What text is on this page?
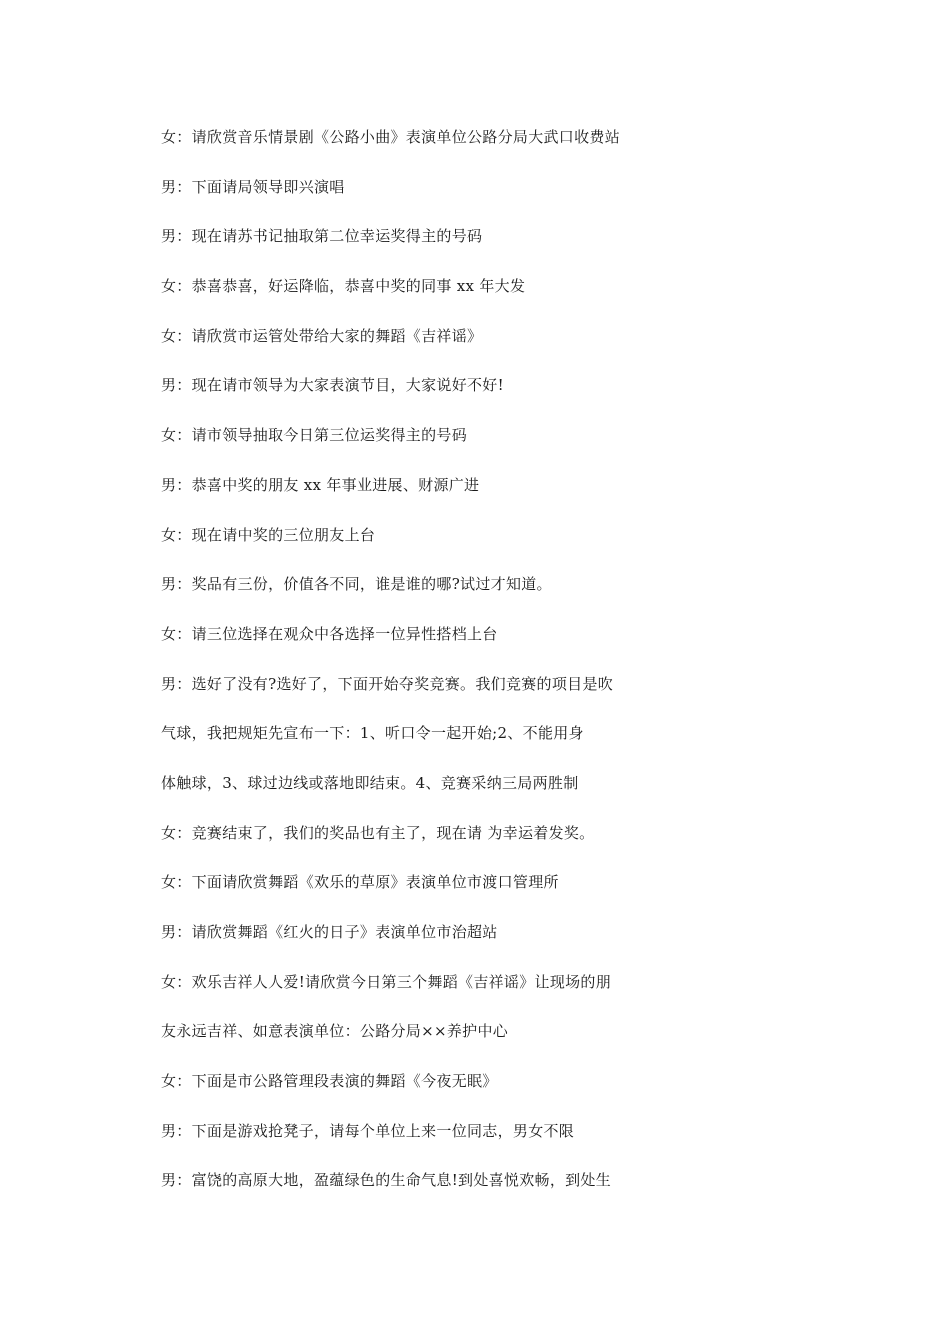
女：请欣赏音乐情景剧《公路小曲》表演单位公路分局大武口收费站
男：下面请局领导即兴演唱
男：现在请苏书记抽取第二位幸运奖得主的号码
女：恭喜恭喜，好运降临，恭喜中奖的同事 xx 年大发
女：请欣赏市运管处带给大家的舞蹈《吉祥谣》
男：现在请市领导为大家表演节目，大家说好不好!
女：请市领导抽取今日第三位运奖得主的号码
男：恭喜中奖的朋友 xx 年事业进展、财源广进
女：现在请中奖的三位朋友上台
男：奖品有三份，价值各不同，谁是谁的哪?试过才知道。
女：请三位选择在观众中各选择一位异性搭档上台
男：选好了没有?选好了，下面开始夺奖竞赛。我们竞赛的项目是吹
气球，我把规矩先宣布一下：1、听口令一起开始;2、不能用身
体触球，3、球过边线或落地即结束。4、竞赛采纳三局两胜制
女：竞赛结束了，我们的奖品也有主了，现在请 为幸运着发奖。
女：下面请欣赏舞蹈《欢乐的草原》表演单位市渡口管理所
男：请欣赏舞蹈《红火的日子》表演单位市治超站
女：欢乐吉祥人人爱!请欣赏今日第三个舞蹈《吉祥谣》让现场的朋
友永远吉祥、如意表演单位：公路分局××养护中心
女：下面是市公路管理段表演的舞蹈《今夜无眠》
男：下面是游戏抢凳子，请每个单位上来一位同志，男女不限
男：富饶的高原大地，盈蕴绿色的生命气息!到处喜悦欢畅，到处生
